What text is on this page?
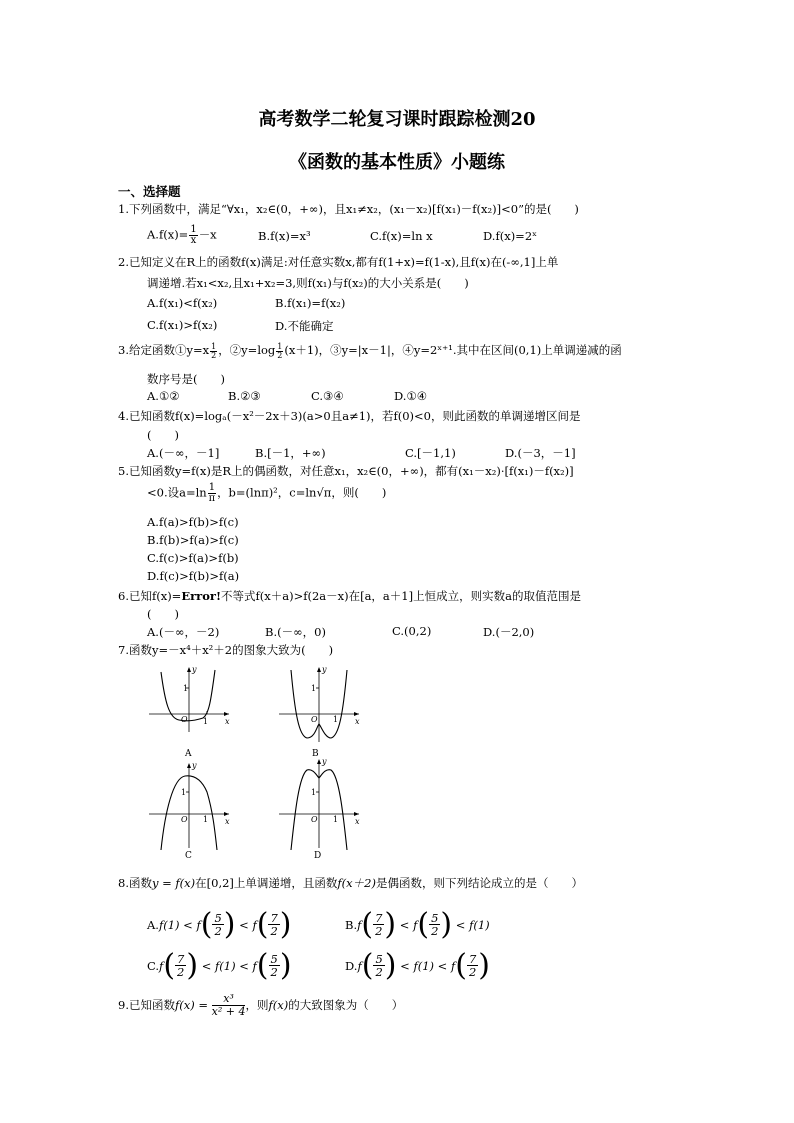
高考数学二轮复习课时跟踪检测20
《函数的基本性质》小题练
一、选择题
1.下列函数中，满足“∀x₁，x₂∈(0，+∞)，且x₁≠x₂，(x₁－x₂)[f(x₁)－f(x₂)]<0”的是(　　)
$A.f(x)= \frac{1}{x} -x$	B.f(x)=x³	C.f(x)=ln x	D.f(x)=2ˣ
2.已知定义在R上的函数f(x)满足:对任意实数x,都有f(1+x)=f(1-x),且f(x)在(-∞,1]上单
调递增.若x₁<x₂,且x₁+x₂=3,则f(x₁)与f(x₂)的大小关系是(　　)
A.f(x₁)<f(x₂)	B.f(x₁)=f(x₂)
C.f(x₁)>f(x₂)	D.不能确定
3.给定函数①y=x $\frac{1}{2}$ ，②y=log $\frac{1}{2} (x+1)$，③y=|x－1|，④y=2ˣ⁺¹.其中在区间(0,1)上单调递减的函
数序号是(　　)
A.①②	B.②③	C.③④	D.①④
4.已知函数f(x)=logₐ(－x²－2x＋3)(a>0且a≠1)，若f(0)<0，则此函数的单调递增区间是
(　　)
A.(－∞，－1]	B.[－1，+∞)	C.[－1,1)	D.(－3，－1]
5.已知函数y=f(x)是R上的偶函数，对任意x₁，x₂∈(0，+∞)，都有(x₁－x₂)·[f(x₁)－f(x₂)]
<0.设$a=\ln \frac{1}{\pi}$ ，b=(lnπ)²，c=ln√π，则(　　)
A.f(a)>f(b)>f(c)
B.f(b)>f(a)>f(c)
C.f(c)>f(a)>f(b)
D.f(c)>f(b)>f(a)
6.已知f(x)=Error!不等式f(x＋a)>f(2a－x)在[a，a＋1]上恒成立，则实数a的取值范围是
(　　)
A.(－∞，－2)	B.(－∞，0)	C.(0,2)	D.(－2,0)
7.函数y=－x⁴＋x²＋2的图象大致为(　　)
1
O 1 x
y
A
1
O 1 x
y
B
1
O 1 x
y
C
1
O 1 x
y
D
8.函数y = f(x)在[0,2]上单调递增，且函数f(x＋2)是偶函数，则下列结论成立的是（　　）
A. f(1) < f ( 5
2 ) < f ( 7
2 )	B. f ( 7
2 ) < f ( 5
2 ) < f(1)
C. f ( 7
2 ) < f(1) < f ( 5
2 )	D. f ( 5
2 ) < f(1) < f ( 7
2 )
9.已知函数 f(x) =
$\frac{\text{x³}}{\text{x² + 4}}$ ，则 f(x) 的大致图象为（　　）
